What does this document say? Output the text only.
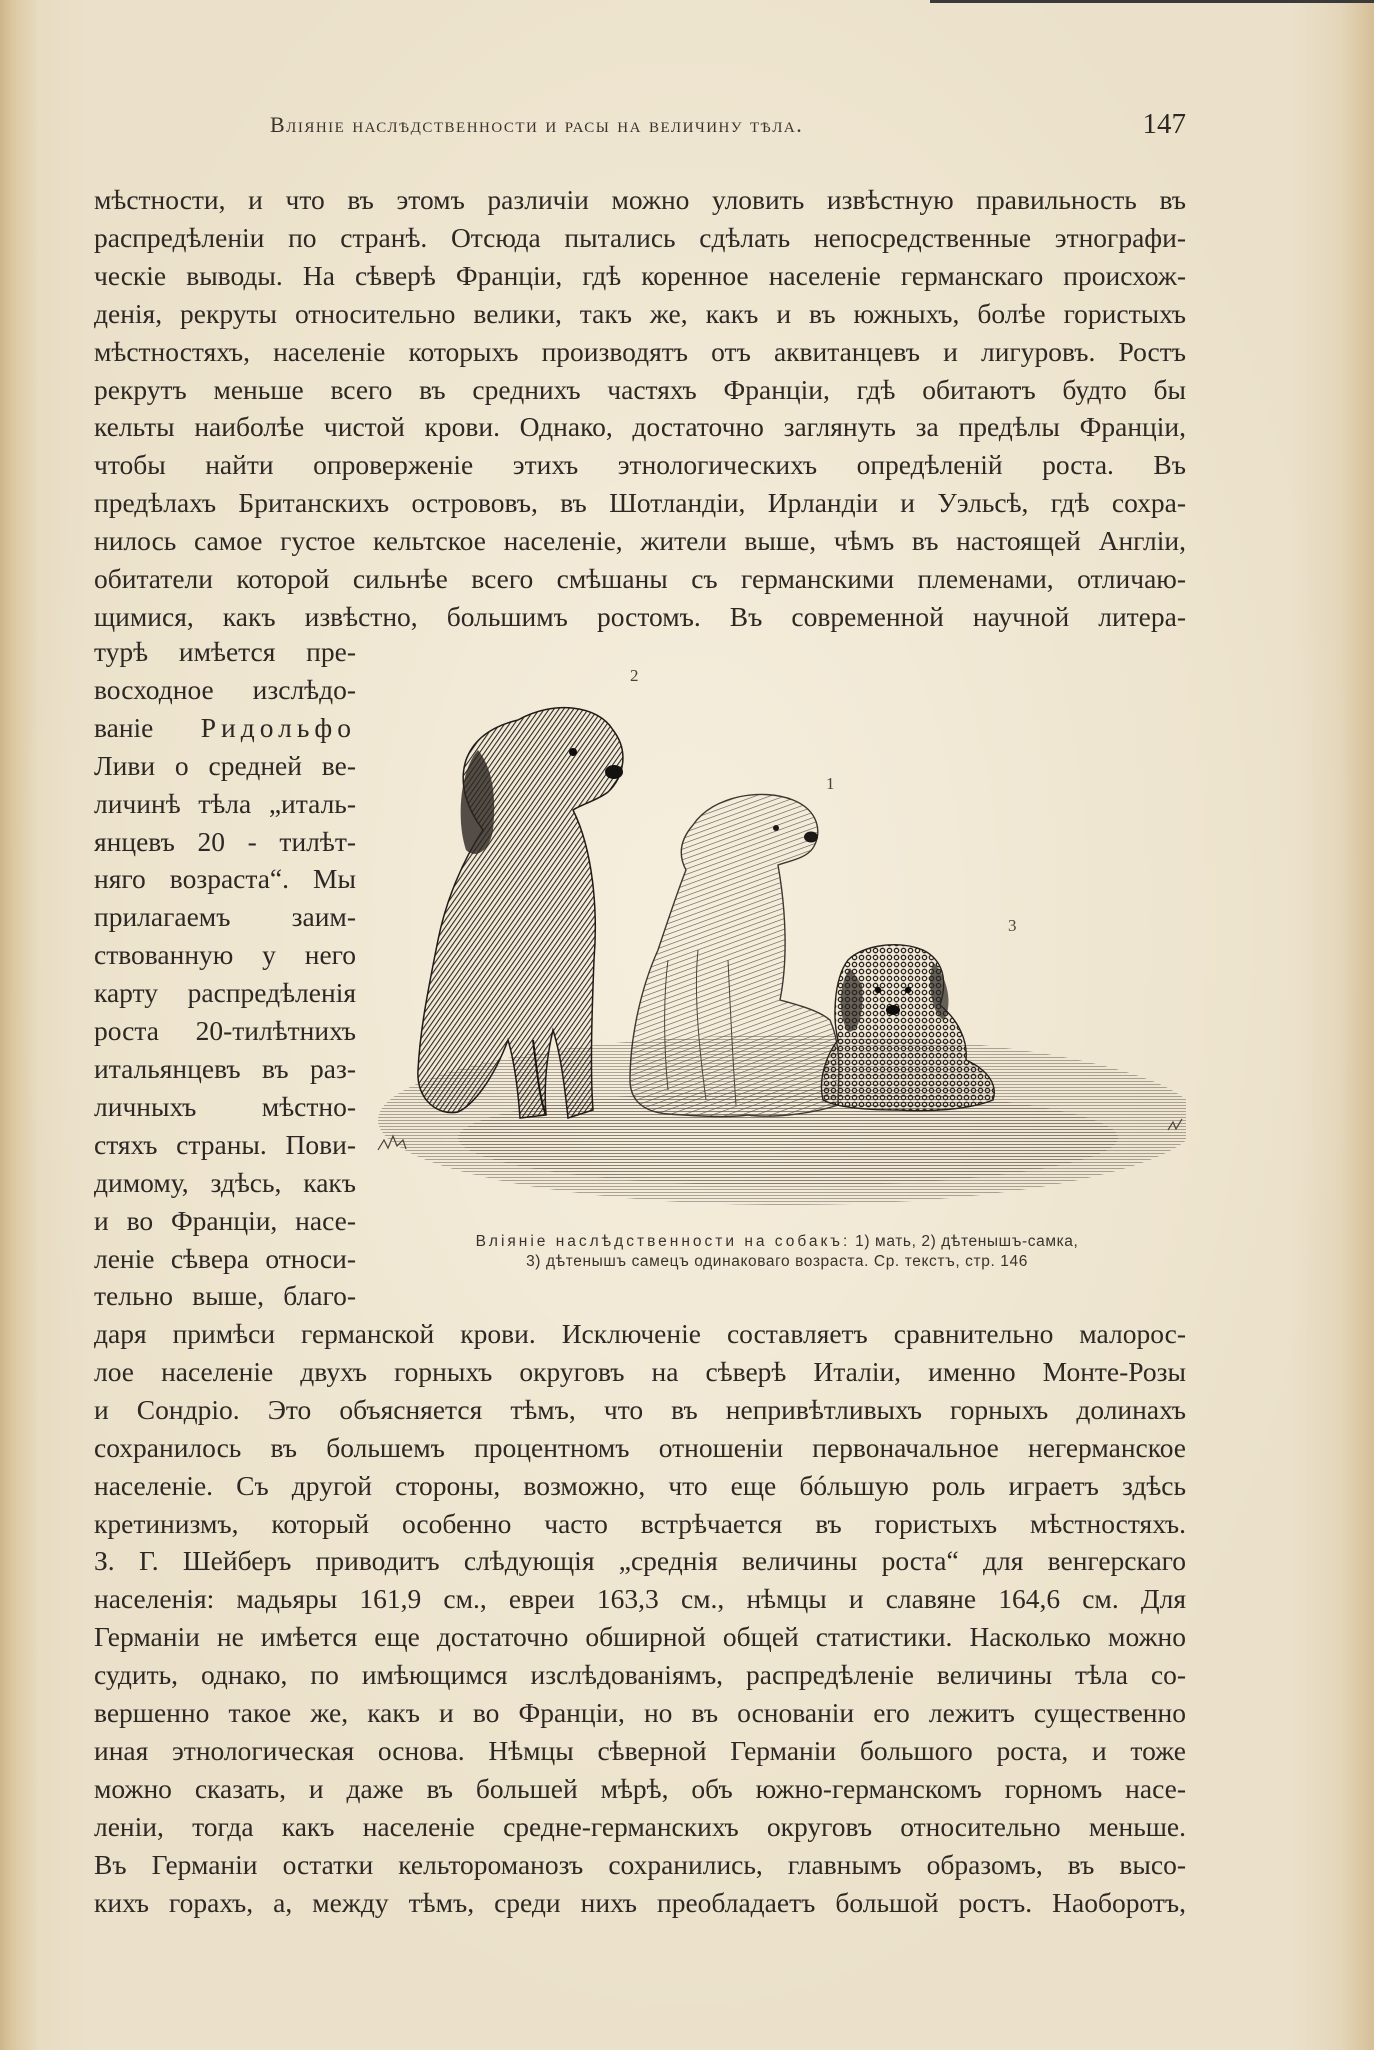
Вліяніе наслѣдственности и расы на величину тѣла.	147

мѣстности, и что въ этомъ различіи можно уловить извѣстную правильность въ

распредѣленіи по странѣ. Отсюда пытались сдѣлать непосредственные этнографи-

ческіе выводы. На сѣверѣ Франціи, гдѣ коренное населеніе германскаго происхож-

денія, рекруты относительно велики, такъ же, какъ и въ южныхъ, болѣе гористыхъ

мѣстностяхъ, населеніе которыхъ производятъ отъ аквитанцевъ и лигуровъ. Ростъ

рекрутъ меньше всего въ среднихъ частяхъ Франціи, гдѣ обитаютъ будто бы

кельты наиболѣе чистой крови. Однако, достаточно заглянуть за предѣлы Франціи,

чтобы найти опроверженіе этихъ этнологическихъ опредѣленій роста. Въ

предѣлахъ Британскихъ острововъ, въ Шотландіи, Ирландіи и Уэльсѣ, гдѣ сохра-

нилось самое густое кельтское населеніе, жители выше, чѣмъ въ настоящей Англіи,

обитатели которой сильнѣе всего смѣшаны съ германскими племенами, отличаю-

щимися, какъ извѣстно, большимъ ростомъ. Въ современной научной литера-

турѣ имѣется пре-

восходное изслѣдо-

ваніе Ридольфо

Ливи о средней ве-

личинѣ тѣла „италь-

янцевъ 20 - тилѣт-

няго возраста“. Мы

прилагаемъ заим-

ствованную у него

карту распредѣленія

роста 20-тилѣтнихъ

итальянцевъ въ раз-

личныхъ мѣстно-

стяхъ страны. Пови-

димому, здѣсь, какъ

и во Франціи, насе-

леніе сѣвера относи-

тельно выше, благо-

2
1
3
Вліяніе наслѣдственности на собакъ: 1) мать, 2) дѣтенышъ-самка,
3) дѣтенышъ самецъ одинаковаго возраста. Ср. текстъ, стр. 146

даря примѣси германской крови. Исключеніе составляетъ сравнительно малорос-

лое населеніе двухъ горныхъ округовъ на сѣверѣ Италіи, именно Монте-Розы

и Сондріо. Это объясняется тѣмъ, что въ непривѣтливыхъ горныхъ долинахъ

сохранилось въ большемъ процентномъ отношеніи первоначальное негерманское

населеніе. Съ другой стороны, возможно, что еще бóльшую роль играетъ здѣсь

кретинизмъ, который особенно часто встрѣчается въ гористыхъ мѣстностяхъ.

З. Г. Шейберъ приводитъ слѣдующія „среднія величины роста“ для венгерскаго

населенія: мадьяры 161,9 см., евреи 163,3 см., нѣмцы и славяне 164,6 см. Для

Германіи не имѣется еще достаточно обширной общей статистики. Насколько можно

судить, однако, по имѣющимся изслѣдованіямъ, распредѣленіе величины тѣла со-

вершенно такое же, какъ и во Франціи, но въ основаніи его лежитъ существенно

иная этнологическая основа. Нѣмцы сѣверной Германіи большого роста, и тоже

можно сказать, и даже въ большей мѣрѣ, объ южно-германскомъ горномъ насе-

леніи, тогда какъ населеніе средне-германскихъ округовъ относительно меньше.

Въ Германіи остатки кельтороманозъ сохранились, главнымъ образомъ, въ высо-

кихъ горахъ, а, между тѣмъ, среди нихъ преобладаетъ большой ростъ. Наоборотъ,
